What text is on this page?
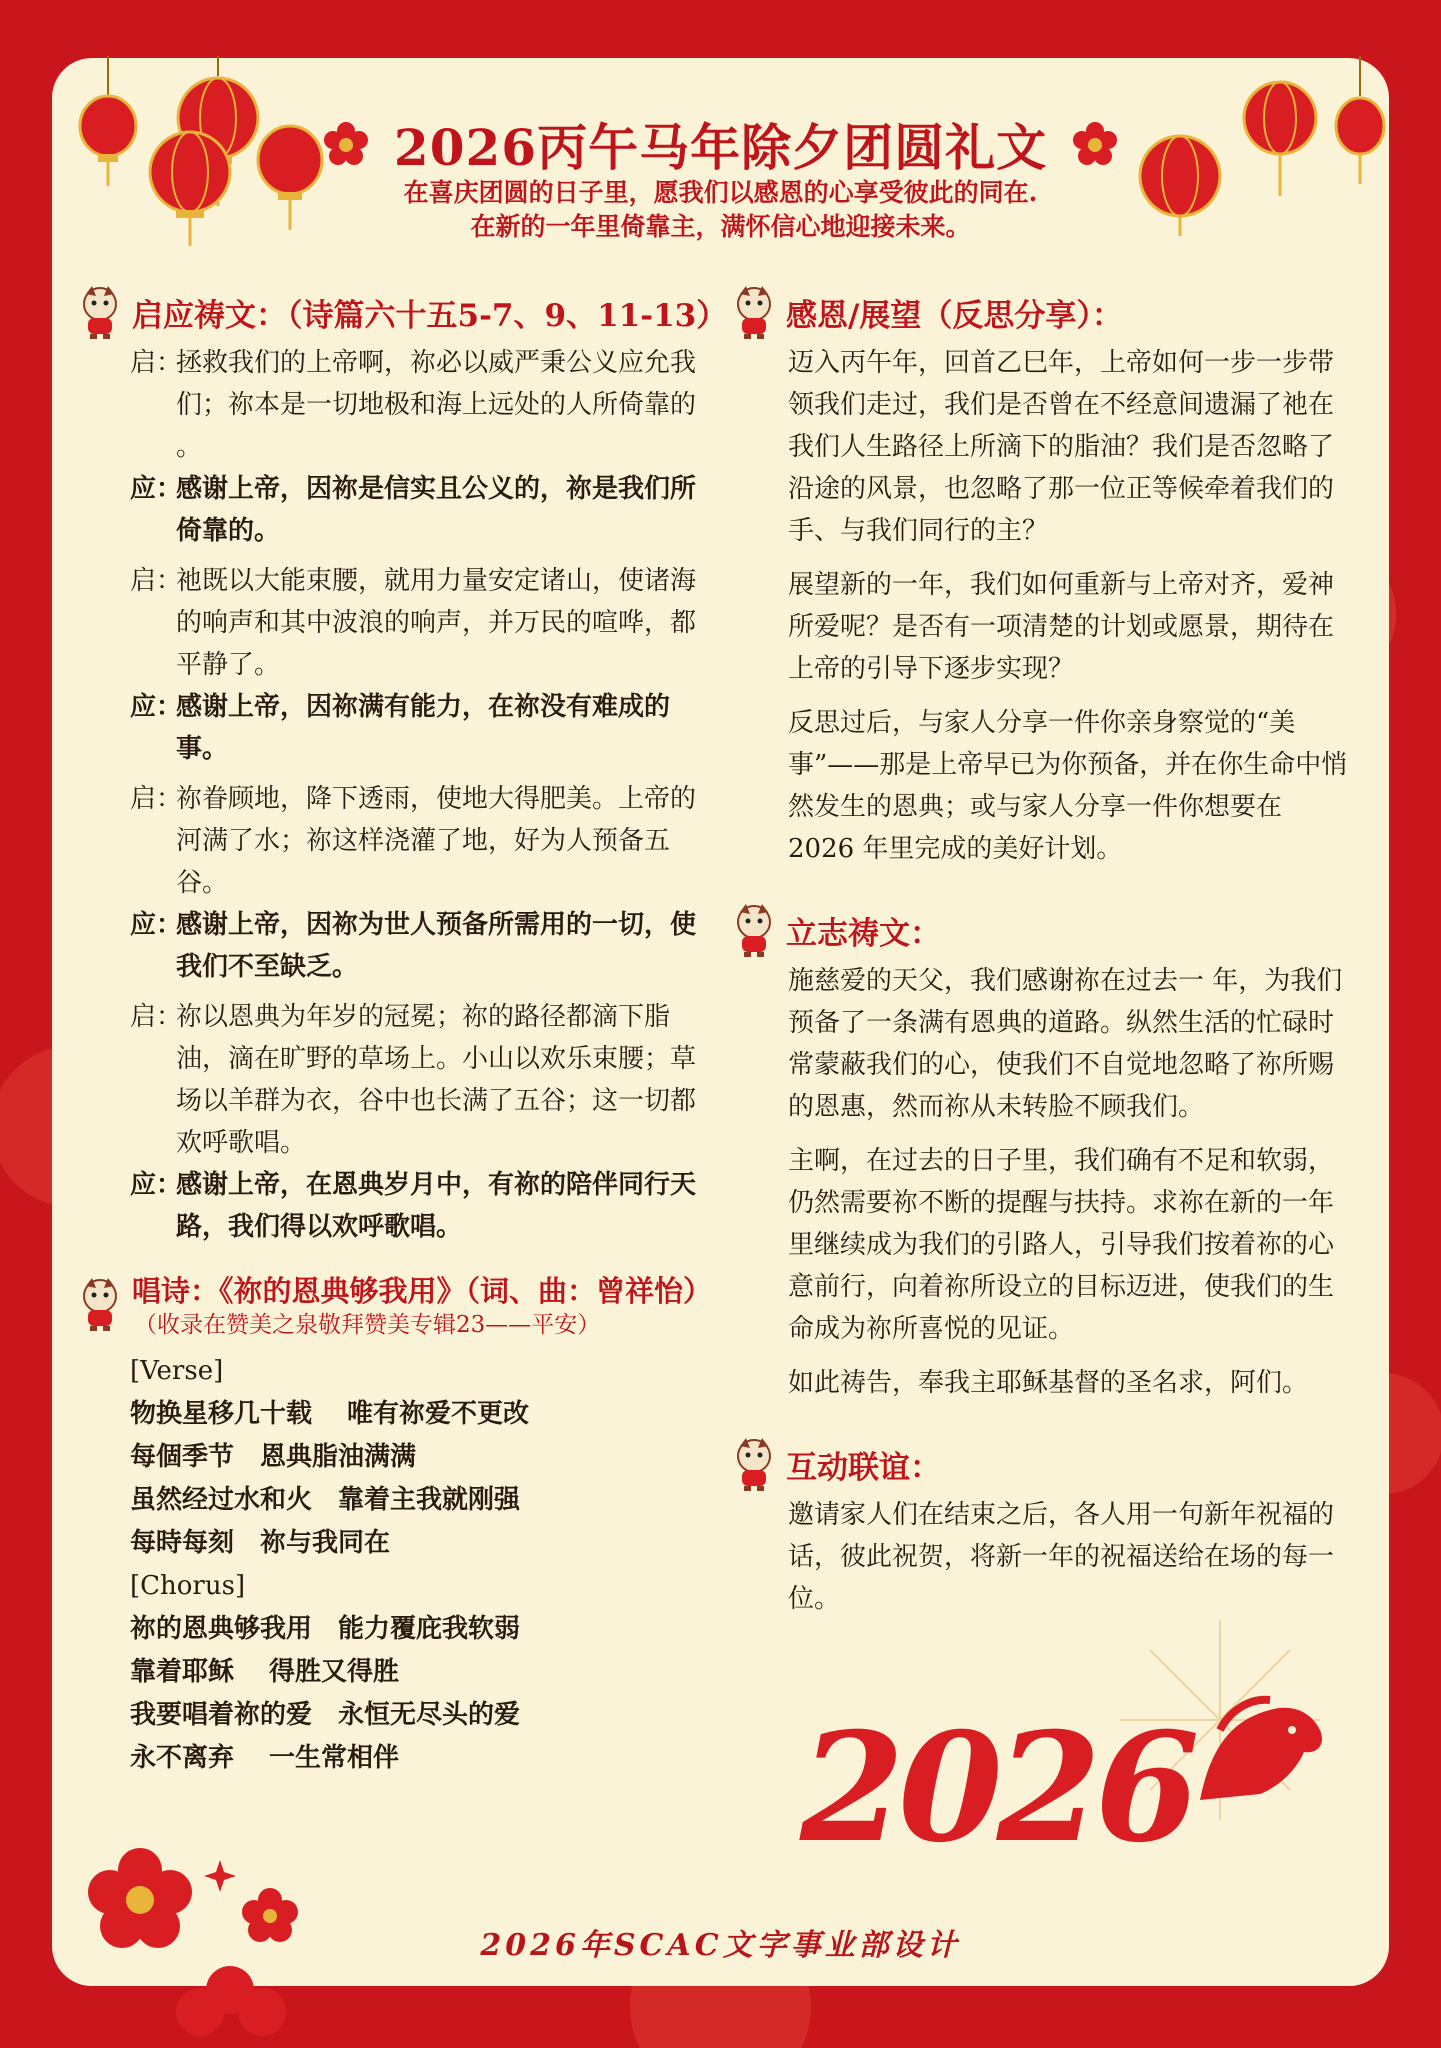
2026丙午马年除夕团圆礼文
在喜庆团圆的日子里，愿我们以感恩的心享受彼此的同在.
在新的一年里倚靠主，满怀信心地迎接未来。
启应祷文：（诗篇六十五5-7、9、11-13）
启：
拯救我们的上帝啊，祢必以威严秉公义应允我们；祢本是一切地极和海上远处的人所倚靠的 。
应：
感谢上帝，因祢是信实且公义的，祢是我们所倚靠的。
启：
祂既以大能束腰，就用力量安定诸山，使诸海的响声和其中波浪的响声，并万民的喧哗，都平静了。
应：
感谢上帝，因祢满有能力，在祢没有难成的事。
启：
祢眷顾地，降下透雨，使地大得肥美。上帝的河满了水；祢这样浇灌了地，好为人预备五谷。
应：
感谢上帝，因祢为世人预备所需用的一切，使我们不至缺乏。
启：
祢以恩典为年岁的冠冕；祢的路径都滴下脂油，滴在旷野的草场上。小山以欢乐束腰；草场以羊群为衣，谷中也长满了五谷；这一切都欢呼歌唱。
应：
感谢上帝，在恩典岁月中，有祢的陪伴同行天路，我们得以欢呼歌唱。
唱诗：《祢的恩典够我用》（词、曲：曾祥怡）
（收录在赞美之泉敬拜赞美专辑23——平安）
[Verse]
物换星移几十载　 唯有祢爱不更改
每個季节　恩典脂油满满
虽然经过水和火　靠着主我就刚强
每時每刻　祢与我同在
[Chorus]
祢的恩典够我用　能力覆庇我软弱
靠着耶稣　 得胜又得胜
我要唱着祢的爱　永恒无尽头的爱
永不离弃　 一生常相伴
感恩/展望（反思分享）：

迈入丙午年，回首乙巳年，上帝如何一步一步带领我们走过，我们是否曾在不经意间遗漏了祂在我们人生路径上所滴下的脂油？我们是否忽略了沿途的风景，也忽略了那一位正等候牵着我们的手、与我们同行的主？

展望新的一年，我们如何重新与上帝对齐，爱神所爱呢？是否有一项清楚的计划或愿景，期待在上帝的引导下逐步实现？

反思过后，与家人分享一件你亲身察觉的“美事”——那是上帝早已为你预备，并在你生命中悄然发生的恩典；或与家人分享一件你想要在 2026 年里完成的美好计划。

立志祷文：

施慈爱的天父，我们感谢祢在过去一 年，为我们预备了一条满有恩典的道路。纵然生活的忙碌时常蒙蔽我们的心，使我们不自觉地忽略了祢所赐的恩惠，然而祢从未转脸不顾我们。

主啊，在过去的日子里，我们确有不足和软弱，仍然需要祢不断的提醒与扶持。求祢在新的一年里继续成为我们的引路人，引导我们按着祢的心意前行，向着祢所设立的目标迈进，使我们的生命成为祢所喜悦的见证。

如此祷告，奉我主耶稣基督的圣名求，阿们。

互动联谊：

邀请家人们在结束之后，各人用一句新年祝福的话，彼此祝贺，将新一年的祝福送给在场的每一位。

2026
2026年SCAC文字事业部设计
